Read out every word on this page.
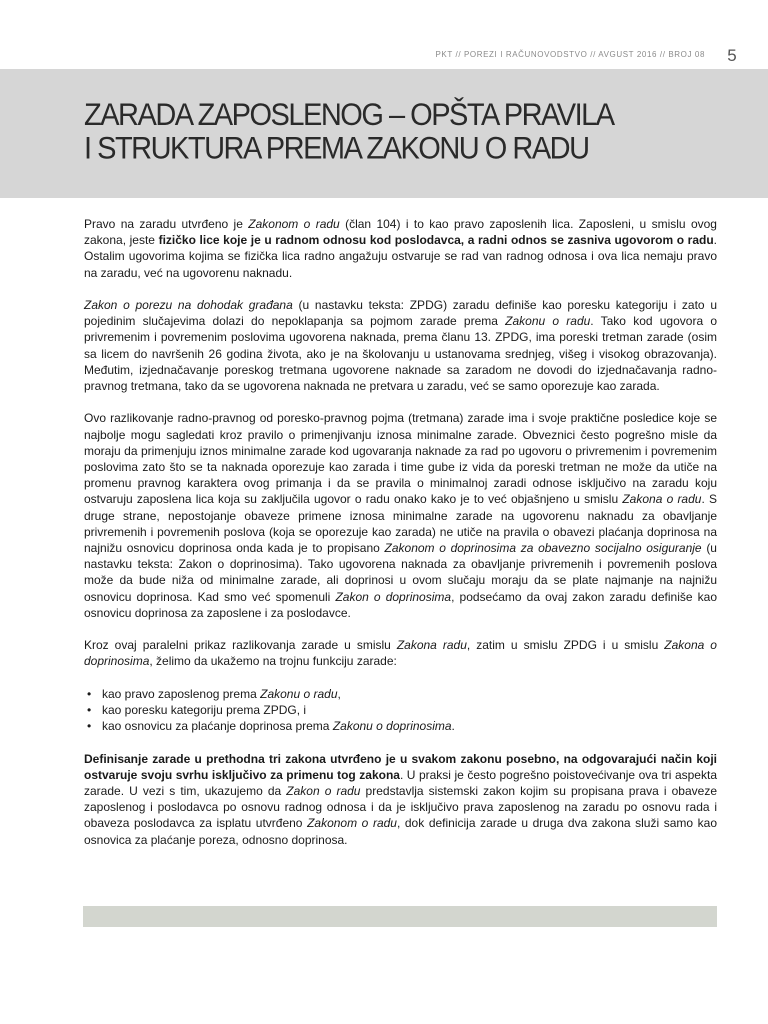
PKT // POREZI I RAČUNOVODSTVO // AVGUST 2016 // BROJ 08	5
ZARADA ZAPOSLENOG – OPŠTA PRAVILA
I STRUKTURA PREMA ZAKONU O RADU

Pravo na zaradu utvrđeno je Zakonom o radu (član 104) i to kao pravo zaposlenih lica. Zaposleni, u smislu ovog zakona, jeste fizičko lice koje je u radnom odnosu kod poslodavca, a radni odnos se zasniva ugovorom o radu. Ostalim ugovorima kojima se fizička lica radno angažuju ostvaruje se rad van radnog odnosa i ova lica nemaju pravo na zaradu, već na ugovorenu naknadu.

Zakon o porezu na dohodak građana (u nastavku teksta: ZPDG) zaradu definiše kao poresku kategoriju i zato u pojedinim slučajevima dolazi do nepoklapanja sa pojmom zarade prema Zakonu o radu. Tako kod ugovora o privremenim i povremenim poslovima ugovorena naknada, prema članu 13. ZPDG, ima poreski tretman zarade (osim sa licem do navršenih 26 godina života, ako je na školovanju u ustanovama srednjeg, višeg i visokog obrazovanja). Međutim, izjednačavanje poreskog tretmana ugovorene naknade sa zaradom ne dovodi do izjednačavanja radno-pravnog tretmana, tako da se ugovorena naknada ne pretvara u zaradu, već se samo oporezuje kao zarada.

Ovo razlikovanje radno-pravnog od poresko-pravnog pojma (tretmana) zarade ima i svoje praktične posledice koje se najbolje mogu sagledati kroz pravilo o primenjivanju iznosa minimalne zarade. Obveznici često pogrešno misle da moraju da primenjuju iznos minimalne zarade kod ugovaranja naknade za rad po ugovoru o privremenim i povremenim poslovima zato što se ta naknada oporezuje kao zarada i time gube iz vida da poreski tretman ne može da utiče na promenu pravnog karaktera ovog primanja i da se pravila o minimalnoj zaradi odnose isključivo na zaradu koju ostvaruju zaposlena lica koja su zaključila ugovor o radu onako kako je to već objašnjeno u smislu Zakona o radu. S druge strane, nepostojanje obaveze primene iznosa minimalne zarade na ugovorenu naknadu za obavljanje privremenih i povremenih poslova (koja se oporezuje kao zarada) ne utiče na pravila o obavezi plaćanja doprinosa na najnižu osnovicu doprinosa onda kada je to propisano Zakonom o doprinosima za obavezno socijalno osiguranje (u nastavku teksta: Zakon o doprinosima). Tako ugovorena naknada za obavljanje privremenih i povremenih poslova može da bude niža od minimalne zarade, ali doprinosi u ovom slučaju moraju da se plate najmanje na najnižu osnovicu doprinosa. Kad smo već spomenuli Zakon o doprinosima, podsećamo da ovaj zakon zaradu definiše kao osnovicu doprinosa za zaposlene i za poslodavce.

Kroz ovaj paralelni prikaz razlikovanja zarade u smislu Zakona radu, zatim u smislu ZPDG i u smislu Zakona o doprinosima, želimo da ukažemo na trojnu funkciju zarade:

• kao pravo zaposlenog prema Zakonu o radu,
• kao poresku kategoriju prema ZPDG, i
• kao osnovicu za plaćanje doprinosa prema Zakonu o doprinosima.

Definisanje zarade u prethodna tri zakona utvrđeno je u svakom zakonu posebno, na odgovarajući način koji ostvaruje svoju svrhu isključivo za primenu tog zakona. U praksi je često pogrešno poistovećivanje ova tri aspekta zarade. U vezi s tim, ukazujemo da Zakon o radu predstavlja sistemski zakon kojim su propisana prava i obaveze zaposlenog i poslodavca po osnovu radnog odnosa i da je isključivo prava zaposlenog na zaradu po osnovu rada i obaveza poslodavca za isplatu utvrđeno Zakonom o radu, dok definicija zarade u druga dva zakona služi samo kao osnovica za plaćanje poreza, odnosno doprinosa.
